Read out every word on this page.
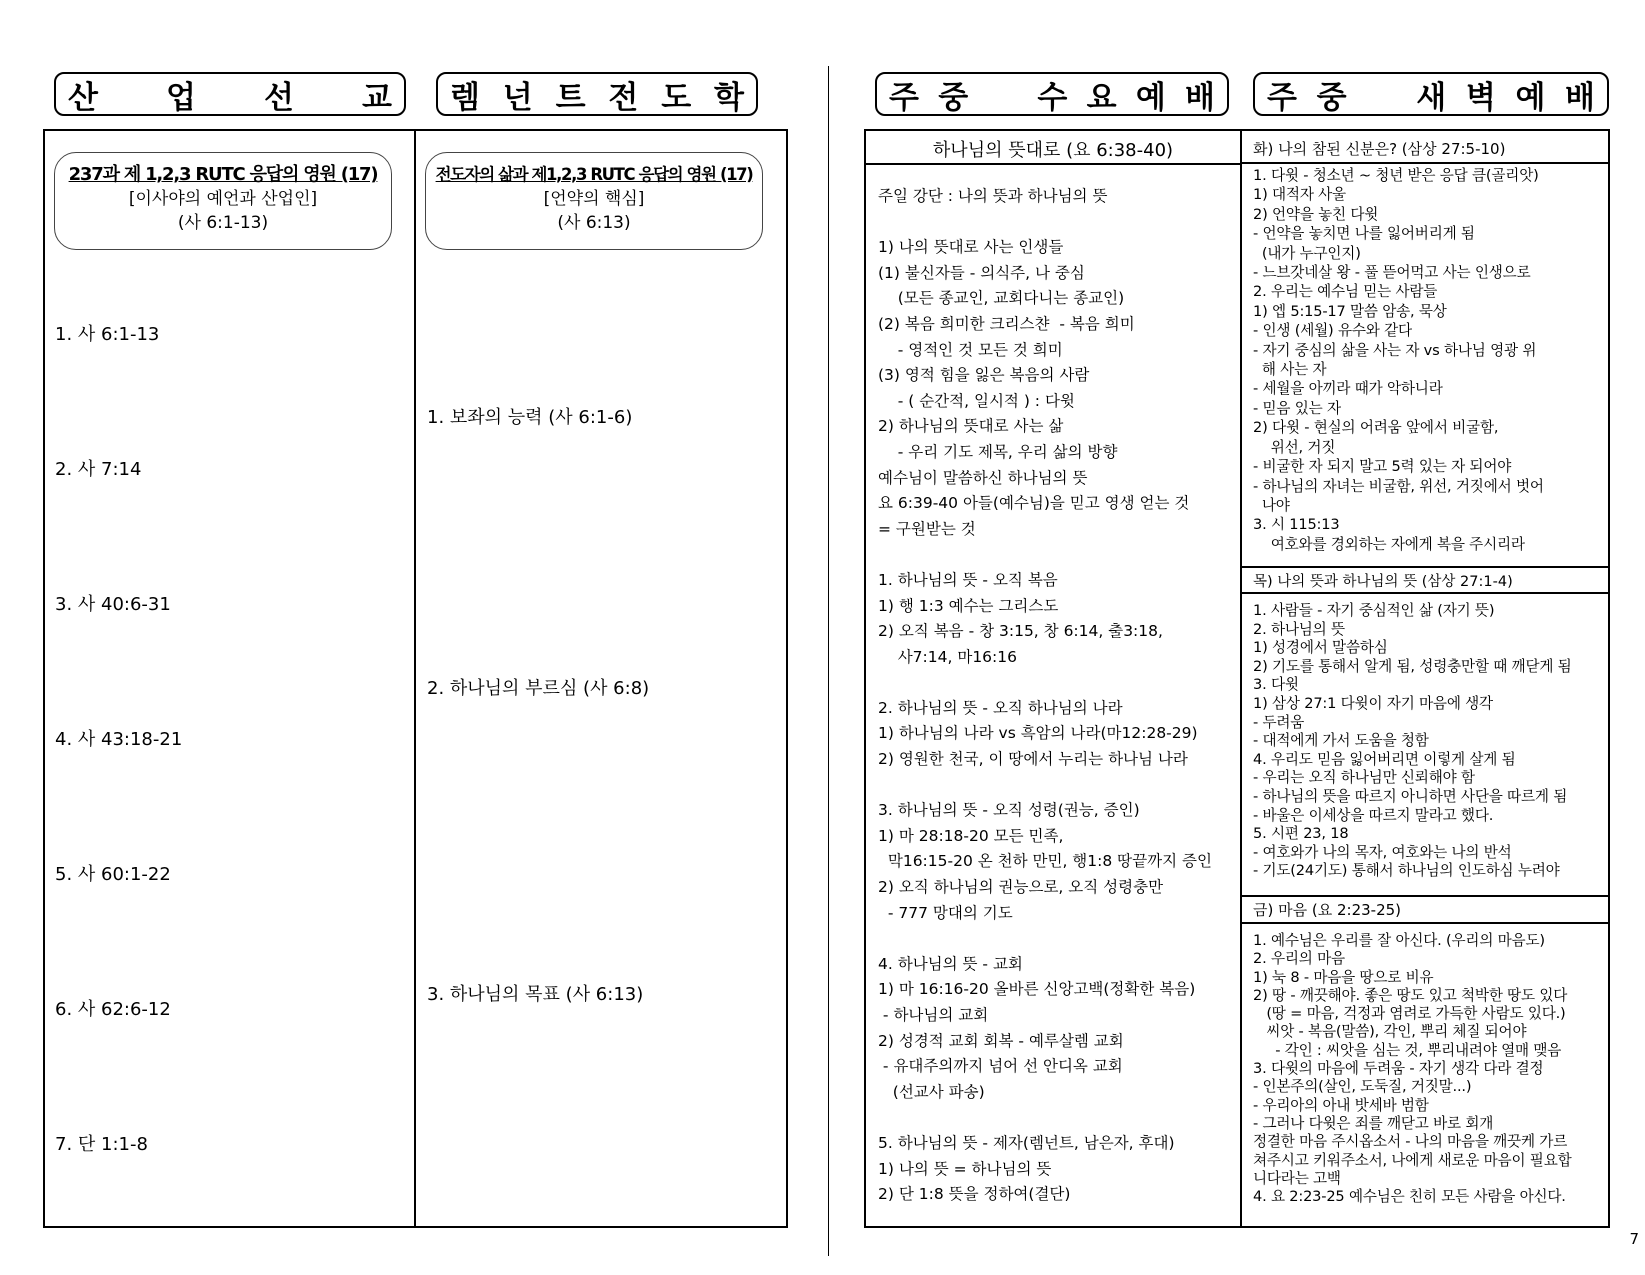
산 업 선 교 렘 넌 트 전 도 학	주 중 수 요 예 배 주 중 새 벽 예 배
237과 제 1,2,3 RUTC 응답의 영원 (17)
[이사야의 예언과 산업인]
(사 6:1-13)
1. 사 6:1-13
2. 사 7:14
3. 사 40:6-31
4. 사 43:18-21
5. 사 60:1-22
6. 사 62:6-12
7. 단 1:1-8
전도자의 삶과 제1,2,3 RUTC 응답의 영원 (17)
[언약의 핵심]
(사 6:13)
1. 보좌의 능력 (사 6:1-6)
2. 하나님의 부르심 (사 6:8)
3. 하나님의 목표 (사 6:13)
하나님의 뜻대로 (요 6:38-40)
주일 강단 : 나의 뜻과 하나님의 뜻

1) 나의 뜻대로 사는 인생들
(1) 불신자들 - 의식주, 나 중심
(모든 종교인, 교회다니는 종교인)
(2) 복음 희미한 크리스챤  - 복음 희미
- 영적인 것 모든 것 희미
(3) 영적 힘을 잃은 복음의 사람
- ( 순간적, 일시적 ) : 다윗
2) 하나님의 뜻대로 사는 삶
- 우리 기도 제목, 우리 삶의 방향
예수님이 말씀하신 하나님의 뜻
요 6:39-40 아들(예수님)을 믿고 영생 얻는 것
= 구원받는 것

1. 하나님의 뜻 - 오직 복음
1) 행 1:3 예수는 그리스도
2) 오직 복음 - 창 3:15, 창 6:14, 출3:18,
사7:14, 마16:16

2. 하나님의 뜻 - 오직 하나님의 나라
1) 하나님의 나라 vs 흑암의 나라(마12:28-29)
2) 영원한 천국, 이 땅에서 누리는 하나님 나라

3. 하나님의 뜻 - 오직 성령(권능, 증인)
1) 마 28:18-20 모든 민족,
막16:15-20 온 천하 만민, 행1:8 땅끝까지 증인
2) 오직 하나님의 권능으로, 오직 성령충만
- 777 망대의 기도

4. 하나님의 뜻 - 교회
1) 마 16:16-20 올바른 신앙고백(정확한 복음)
- 하나님의 교회
2) 성경적 교회 회복 - 예루살렘 교회
- 유대주의까지 넘어 선 안디옥 교회
(선교사 파송)

5. 하나님의 뜻 - 제자(렘넌트, 남은자, 후대)
1) 나의 뜻 = 하나님의 뜻
2) 단 1:8 뜻을 정하여(결단)
화) 나의 참된 신분은? (삼상 27:5-10)
1. 다윗 - 청소년 ~ 청년 받은 응답 큼(골리앗)
1) 대적자 사울
2) 언약을 놓친 다윗
- 언약을 놓치면 나를 잃어버리게 됨
(내가 누구인지)
- 느브갓네살 왕 - 풀 뜯어먹고 사는 인생으로
2. 우리는 예수님 믿는 사람들
1) 엡 5:15-17 말씀 암송, 묵상
- 인생 (세월) 유수와 같다
- 자기 중심의 삶을 사는 자 vs 하나님 영광 위
해 사는 자
- 세월을 아끼라 때가 악하니라
- 믿음 있는 자
2) 다윗 - 현실의 어려움 앞에서 비굴함,
위선, 거짓
- 비굴한 자 되지 말고 5력 있는 자 되어야
- 하나님의 자녀는 비굴함, 위선, 거짓에서 벗어
나야
3. 시 115:13
여호와를 경외하는 자에게 복을 주시리라
목) 나의 뜻과 하나님의 뜻 (삼상 27:1-4)
1. 사람들 - 자기 중심적인 삶 (자기 뜻)
2. 하나님의 뜻
1) 성경에서 말씀하심
2) 기도를 통해서 알게 됨, 성령충만할 때 깨닫게 됨
3. 다윗
1) 삼상 27:1 다윗이 자기 마음에 생각
- 두려움
- 대적에게 가서 도움을 청함
4. 우리도 믿음 잃어버리면 이렇게 살게 됨
- 우리는 오직 하나님만 신뢰해야 함
- 하나님의 뜻을 따르지 아니하면 사단을 따르게 됨
- 바울은 이세상을 따르지 말라고 했다.
5. 시편 23, 18
- 여호와가 나의 목자, 여호와는 나의 반석
- 기도(24기도) 통해서 하나님의 인도하심 누려야
금) 마음 (요 2:23-25)
1. 예수님은 우리를 잘 아신다. (우리의 마음도)
2. 우리의 마음
1) 눅 8 - 마음을 땅으로 비유
2) 땅 - 깨끗해야. 좋은 땅도 있고 척박한 땅도 있다
(땅 = 마음, 걱정과 염려로 가득한 사람도 있다.)
씨앗 - 복음(말씀), 각인, 뿌리 체질 되어야
- 각인 : 씨앗을 심는 것, 뿌리내려야 열매 맺음
3. 다윗의 마음에 두려움 - 자기 생각 다라 결정
- 인본주의(살인, 도둑질, 거짓말...)
- 우리아의 아내 밧세바 범함
- 그러나 다윗은 죄를 깨닫고 바로 회개
정결한 마음 주시옵소서 - 나의 마음을 깨끗케 가르
쳐주시고 키워주소서, 나에게 새로운 마음이 필요합
니다라는 고백
4. 요 2:23-25 예수님은 친히 모든 사람을 아신다.
7
